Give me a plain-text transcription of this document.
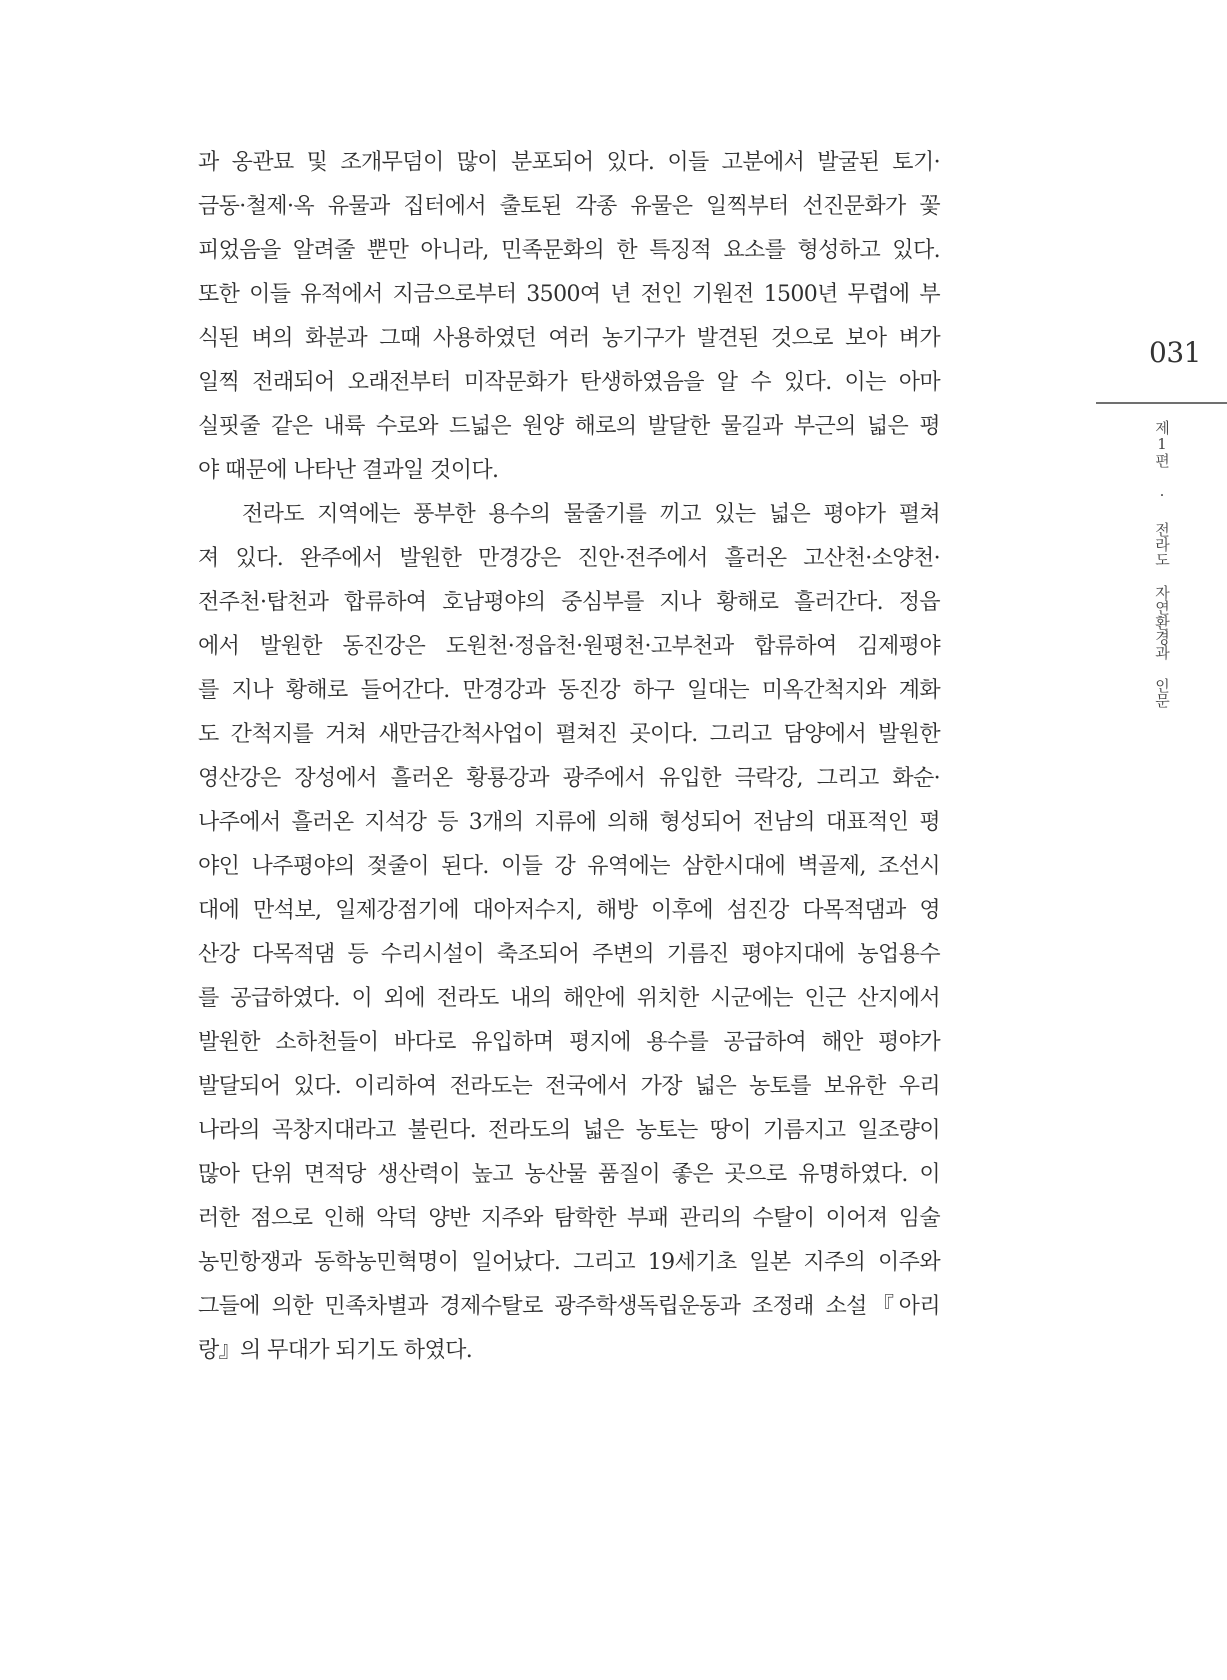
과 옹관묘 및 조개무덤이 많이 분포되어 있다. 이들 고분에서 발굴된 토기·
금동·철제·옥 유물과 집터에서 출토된 각종 유물은 일찍부터 선진문화가 꽃
피었음을 알려줄 뿐만 아니라, 민족문화의 한 특징적 요소를 형성하고 있다.
또한 이들 유적에서 지금으로부터 3500여 년 전인 기원전 1500년 무렵에 부
식된 벼의 화분과 그때 사용하였던 여러 농기구가 발견된 것으로 보아 벼가
일찍 전래되어 오래전부터 미작문화가 탄생하였음을 알 수 있다. 이는 아마
실핏줄 같은 내륙 수로와 드넓은 원양 해로의 발달한 물길과 부근의 넓은 평
야 때문에 나타난 결과일 것이다.
전라도 지역에는 풍부한 용수의 물줄기를 끼고 있는 넓은 평야가 펼쳐
져 있다. 완주에서 발원한 만경강은 진안·전주에서 흘러온 고산천·소양천·
전주천·탑천과 합류하여 호남평야의 중심부를 지나 황해로 흘러간다. 정읍
에서 발원한 동진강은 도원천·정읍천·원평천·고부천과 합류하여 김제평야
를 지나 황해로 들어간다. 만경강과 동진강 하구 일대는 미옥간척지와 계화
도 간척지를 거쳐 새만금간척사업이 펼쳐진 곳이다. 그리고 담양에서 발원한
영산강은 장성에서 흘러온 황룡강과 광주에서 유입한 극락강, 그리고 화순·
나주에서 흘러온 지석강 등 3개의 지류에 의해 형성되어 전남의 대표적인 평
야인 나주평야의 젖줄이 된다. 이들 강 유역에는 삼한시대에 벽골제, 조선시
대에 만석보, 일제강점기에 대아저수지, 해방 이후에 섬진강 다목적댐과 영
산강 다목적댐 등 수리시설이 축조되어 주변의 기름진 평야지대에 농업용수
를 공급하였다. 이 외에 전라도 내의 해안에 위치한 시군에는 인근 산지에서
발원한 소하천들이 바다로 유입하며 평지에 용수를 공급하여 해안 평야가
발달되어 있다. 이리하여 전라도는 전국에서 가장 넓은 농토를 보유한 우리
나라의 곡창지대라고 불린다. 전라도의 넓은 농토는 땅이 기름지고 일조량이
많아 단위 면적당 생산력이 높고 농산물 품질이 좋은 곳으로 유명하였다. 이
러한 점으로 인해 악덕 양반 지주와 탐학한 부패 관리의 수탈이 이어져 임술
농민항쟁과 동학농민혁명이 일어났다. 그리고 19세기초 일본 지주의 이주와
그들에 의한 민족차별과 경제수탈로 광주학생독립운동과 조정래 소설『아리
랑』의 무대가 되기도 하였다.
031
제1편 · 전라도 자연환경과 인문
